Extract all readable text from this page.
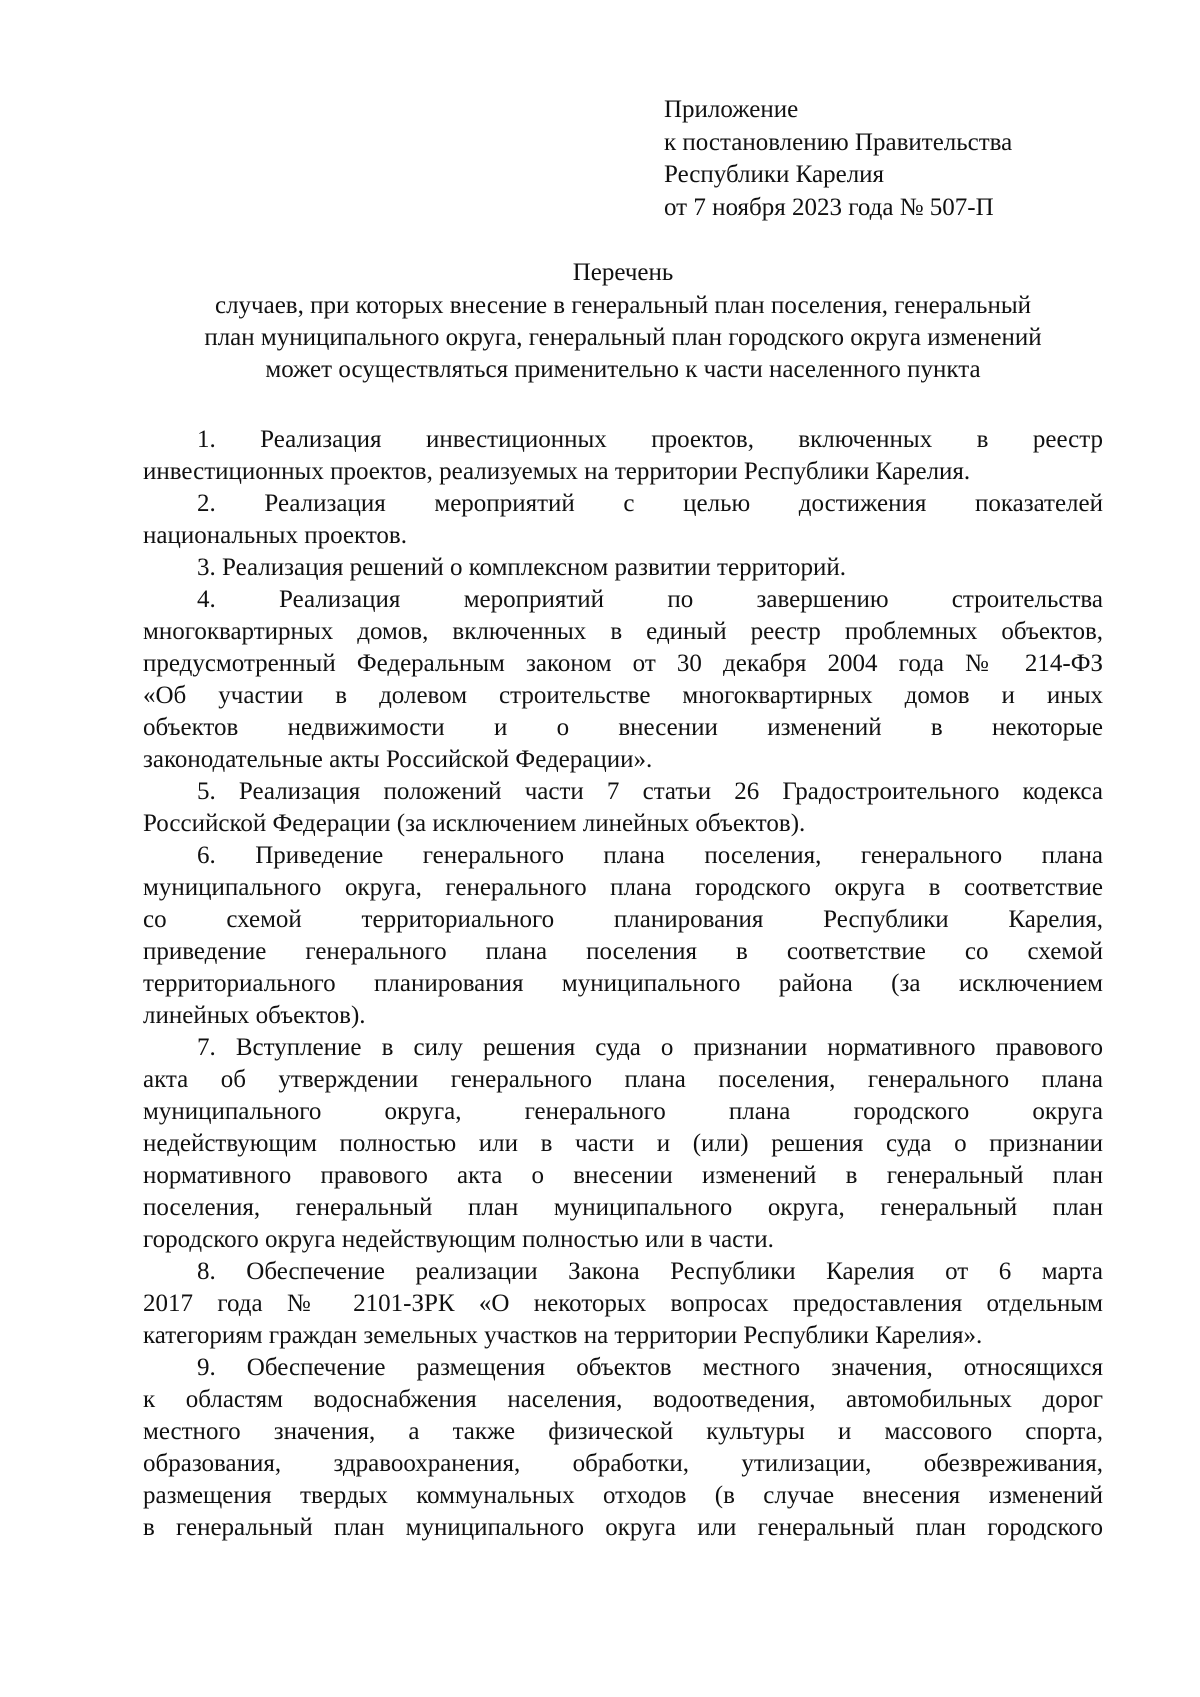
Приложение
к постановлению Правительства
Республики Карелия
от 7 ноября 2023 года № 507-П
Перечень
случаев, при которых внесение в генеральный план поселения, генеральный
план муниципального округа, генеральный план городского округа изменений
может осуществляться применительно к части населенного пункта
1. Реализация инвестиционных проектов, включенных в реестр
инвестиционных проектов, реализуемых на территории Республики Карелия.
2. Реализация мероприятий с целью достижения показателей
национальных проектов.
3. Реализация решений о комплексном развитии территорий.
4. Реализация мероприятий по завершению строительства
многоквартирных домов, включенных в единый реестр проблемных объектов,
предусмотренный Федеральным законом от 30 декабря 2004 года № 214-ФЗ
«Об участии в долевом строительстве многоквартирных домов и иных
объектов недвижимости и о внесении изменений в некоторые
законодательные акты Российской Федерации».
5. Реализация положений части 7 статьи 26 Градостроительного кодекса
Российской Федерации (за исключением линейных объектов).
6. Приведение генерального плана поселения, генерального плана
муниципального округа, генерального плана городского округа в соответствие
со схемой территориального планирования Республики Карелия,
приведение генерального плана поселения в соответствие со схемой
территориального планирования муниципального района (за исключением
линейных объектов).
7. Вступление в силу решения суда о признании нормативного правового
акта об утверждении генерального плана поселения, генерального плана
муниципального округа, генерального плана городского округа
недействующим полностью или в части и (или) решения суда о признании
нормативного правового акта о внесении изменений в генеральный план
поселения, генеральный план муниципального округа, генеральный план
городского округа недействующим полностью или в части.
8. Обеспечение реализации Закона Республики Карелия от 6 марта
2017 года № 2101-ЗРК «О некоторых вопросах предоставления отдельным
категориям граждан земельных участков на территории Республики Карелия».
9. Обеспечение размещения объектов местного значения, относящихся
к областям водоснабжения населения, водоотведения, автомобильных дорог
местного значения, а также физической культуры и массового спорта,
образования, здравоохранения, обработки, утилизации, обезвреживания,
размещения твердых коммунальных отходов (в случае внесения изменений
в генеральный план муниципального округа или генеральный план городского
